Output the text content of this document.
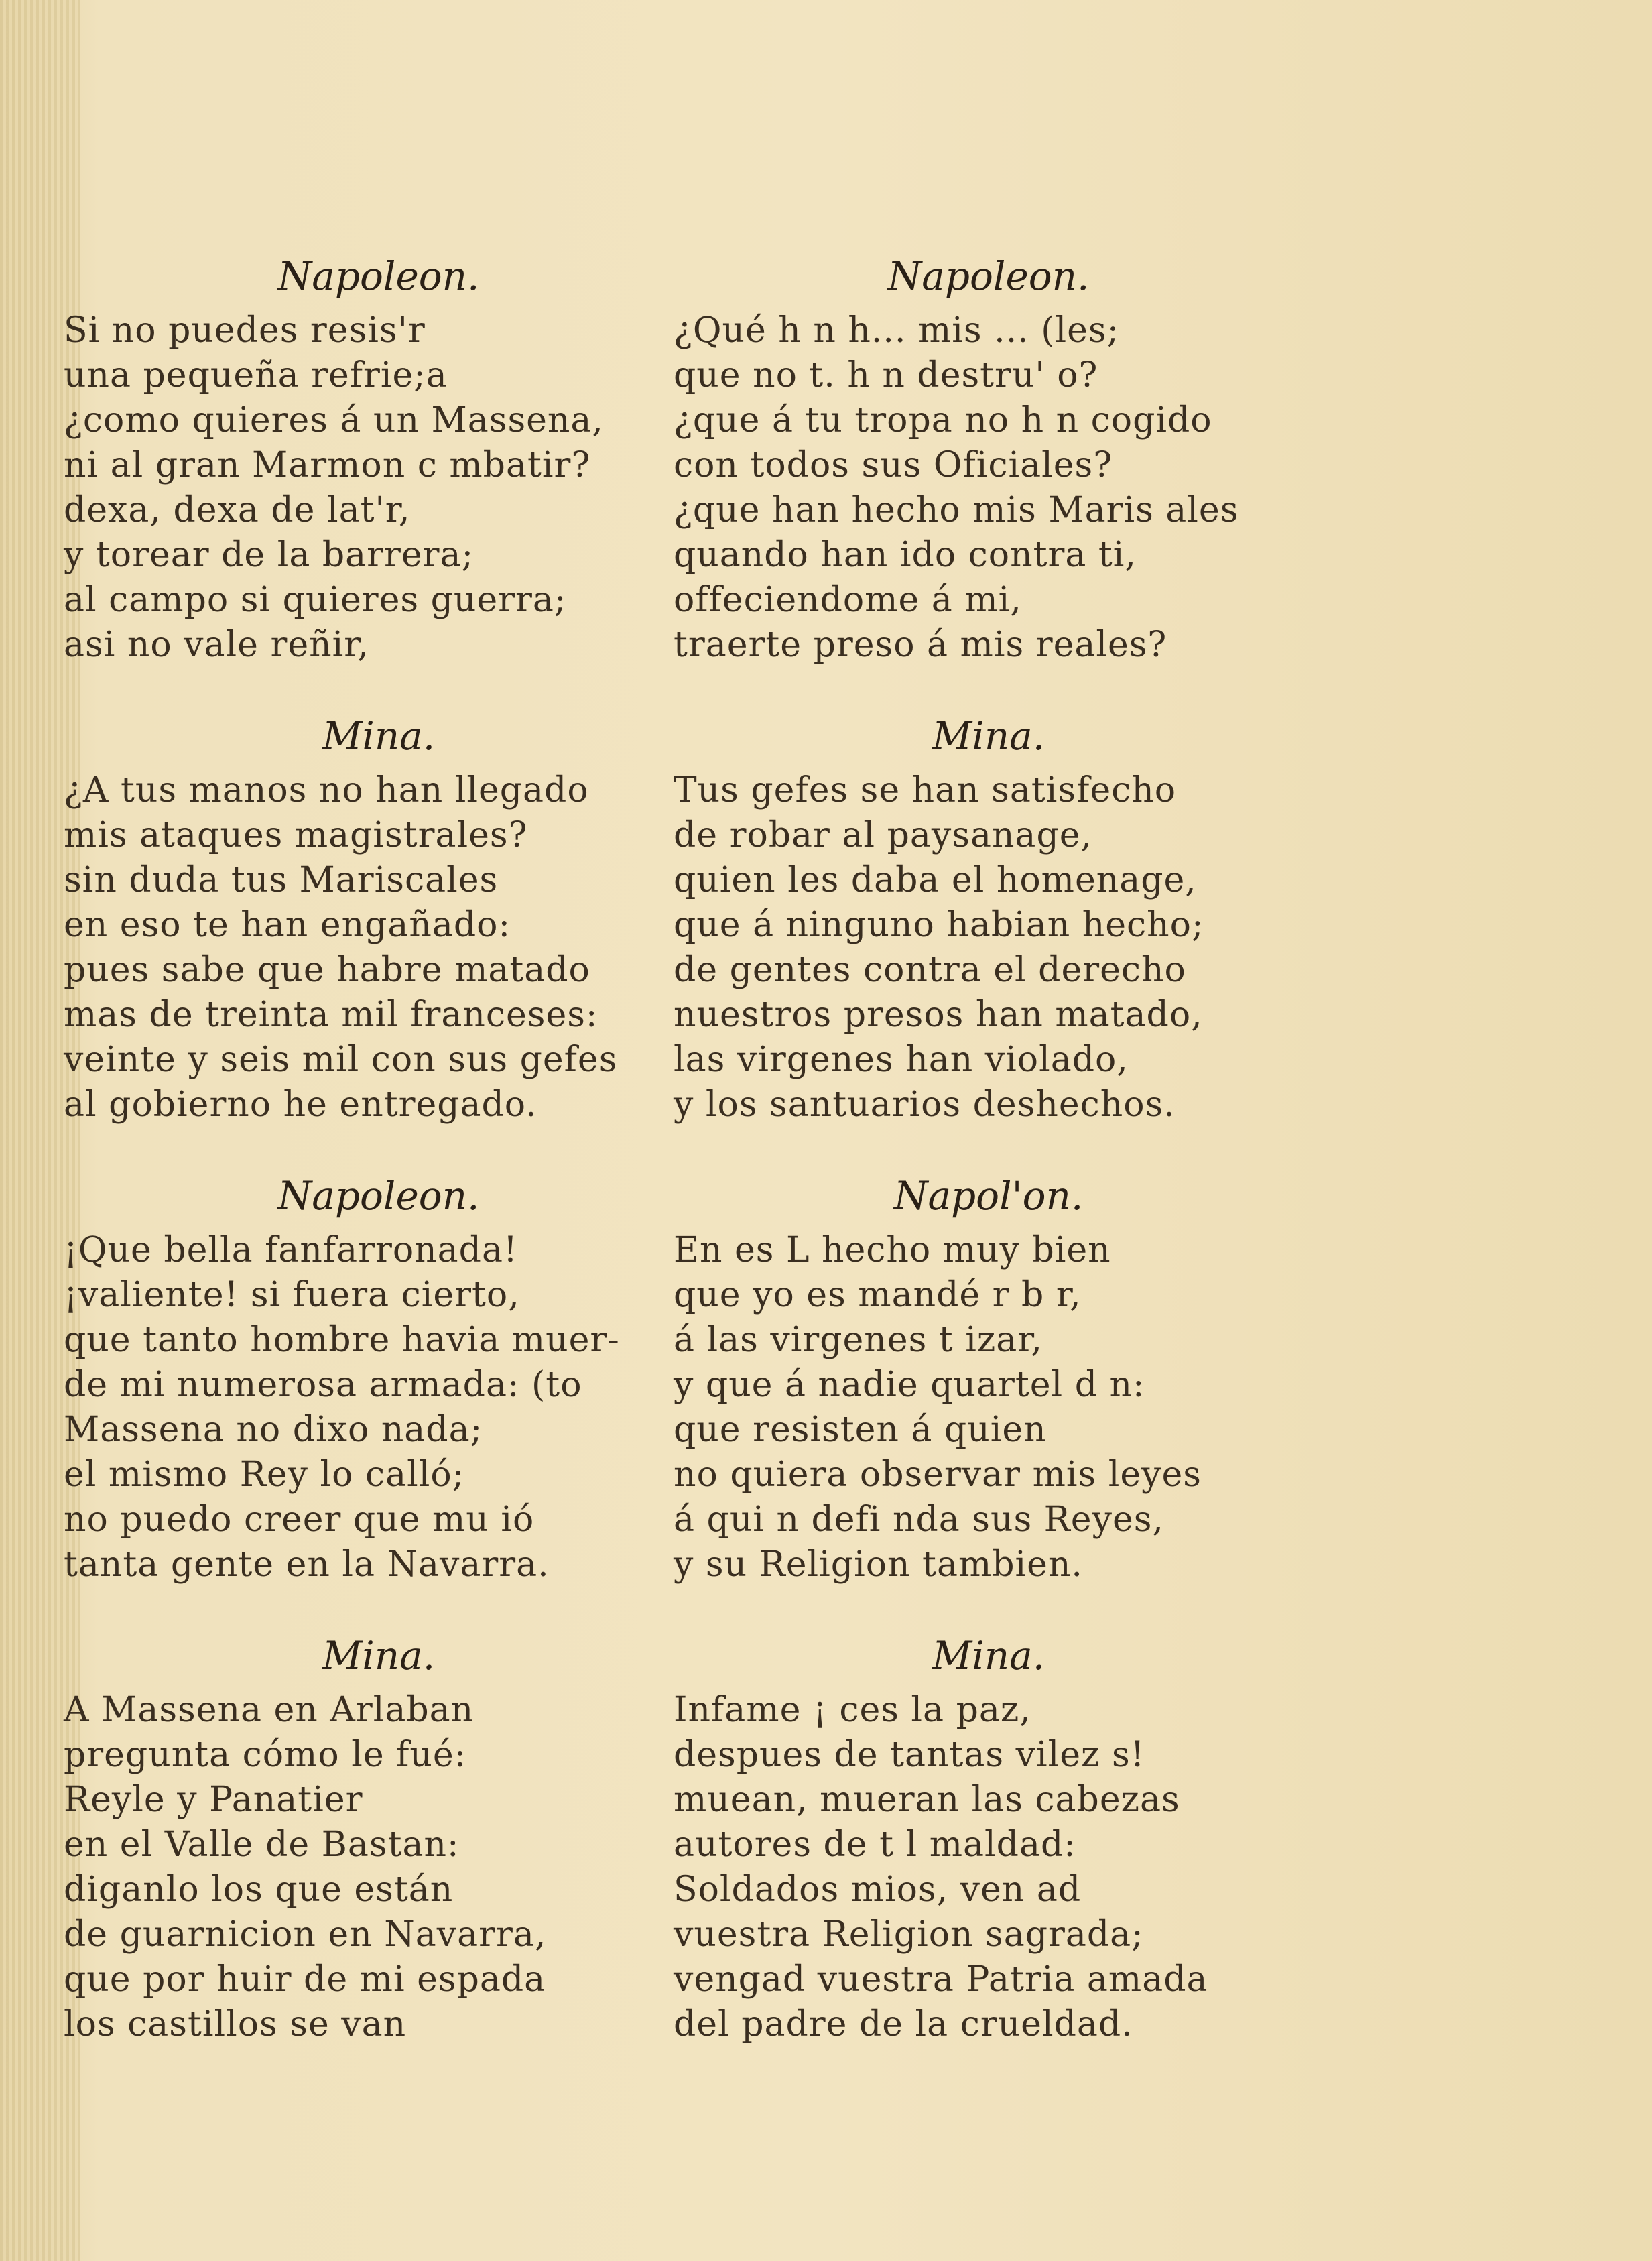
Napoleon.
Si no puedes resis'r
una pequeña refrie;a
¿como quieres á un Massena,
ni al gran Marmon c mbatir?
dexa, dexa de lat'r,
y torear de la barrera;
al campo si quieres guerra;
asi no vale reñir,
Mina.
¿A tus manos no han llegado
mis ataques magistrales?
sin duda tus Mariscales
en eso te han engañado:
pues sabe que habre matado
mas de treinta mil franceses:
veinte y seis mil con sus gefes
al gobierno he entregado.
Napoleon.
¡Que bella fanfarronada!
¡valiente! si fuera cierto,
que tanto hombre havia muer-
de mi numerosa armada: (to
Massena no dixo nada;
el mismo Rey lo calló;
no puedo creer que mu ió
tanta gente en la Navarra.
Mina.
A Massena en Arlaban
pregunta cómo le fué:
Reyle y Panatier
en el Valle de Bastan:
diganlo los que están
de guarnicion en Navarra,
que por huir de mi espada
los castillos se van
Napoleon.
¿Qué h n h... mis ... (les;
que no t. h n destru' o?
¿que á tu tropa no h n cogido
con todos sus Oficiales?
¿que han hecho mis Maris ales
quando han ido contra ti,
offeciendome á mi,
traerte preso á mis reales?
Mina.
Tus gefes se han satisfecho
de robar al paysanage,
quien les daba el homenage,
que á ninguno habian hecho;
de gentes contra el derecho
nuestros presos han matado,
las virgenes han violado,
y los santuarios deshechos.
Napol'on.
En es L hecho muy bien
que yo es mandé r b r,
á las virgenes t izar,
y que á nadie quartel d n:
que resisten á quien
no quiera observar mis leyes
á qui n defi nda sus Reyes,
y su Religion tambien.
Mina.
Infame ¡ ces la paz,
despues de tantas vilez s!
muean, mueran las cabezas
autores de t l maldad:
Soldados mios, ven ad
vuestra Religion sagrada;
vengad vuestra Patria amada
del padre de la crueldad.
